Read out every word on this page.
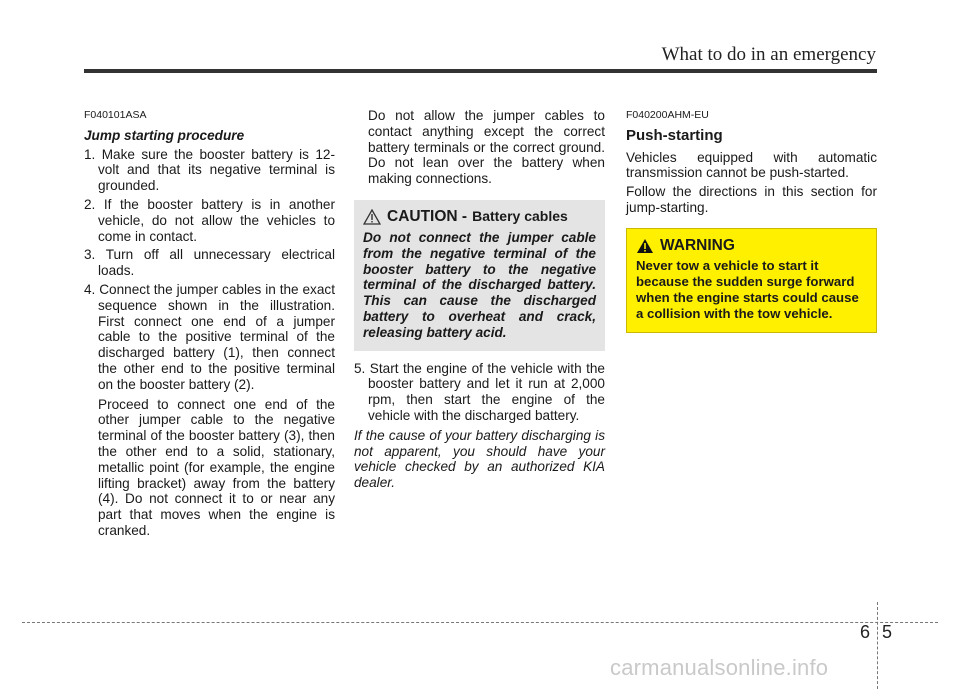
What to do in an emergency
F040101ASA
Jump starting procedure
1. Make sure the booster battery is 12-volt and that its negative terminal is grounded.
2. If the booster battery is in another vehicle, do not allow the vehicles to come in contact.
3. Turn off all unnecessary electrical loads.
4. Connect the jumper cables in the exact sequence shown in the illustration. First connect one end of a jumper cable to the positive terminal of the discharged battery (1), then connect the other end to the positive terminal on the booster battery (2).

Proceed to connect one end of the other jumper cable to the negative terminal of the booster battery (3), then the other end to a solid, stationary, metallic point (for example, the engine lifting bracket) away from the battery (4). Do not connect it to or near any part that moves when the engine is cranked.

Do not allow the jumper cables to contact anything except the correct battery terminals or the correct ground. Do not lean over the battery when making connections.

CAUTION - Battery cables
Do not connect the jumper cable from the negative terminal of the booster battery to the negative terminal of the discharged battery. This can cause the discharged battery to overheat and crack, releasing battery acid.
5. Start the engine of the vehicle with the booster battery and let it run at 2,000 rpm, then start the engine of the vehicle with the discharged battery.

If the cause of your battery discharging is not apparent, you should have your vehicle checked by an authorized KIA dealer.

F040200AHM-EU
Push-starting

Vehicles equipped with automatic transmission cannot be push-started.

Follow the directions in this section for jump-starting.

WARNING
Never tow a vehicle to start it because the sudden surge forward when the engine starts could cause a collision with the tow vehicle.
6 5
carmanualsonline.info
